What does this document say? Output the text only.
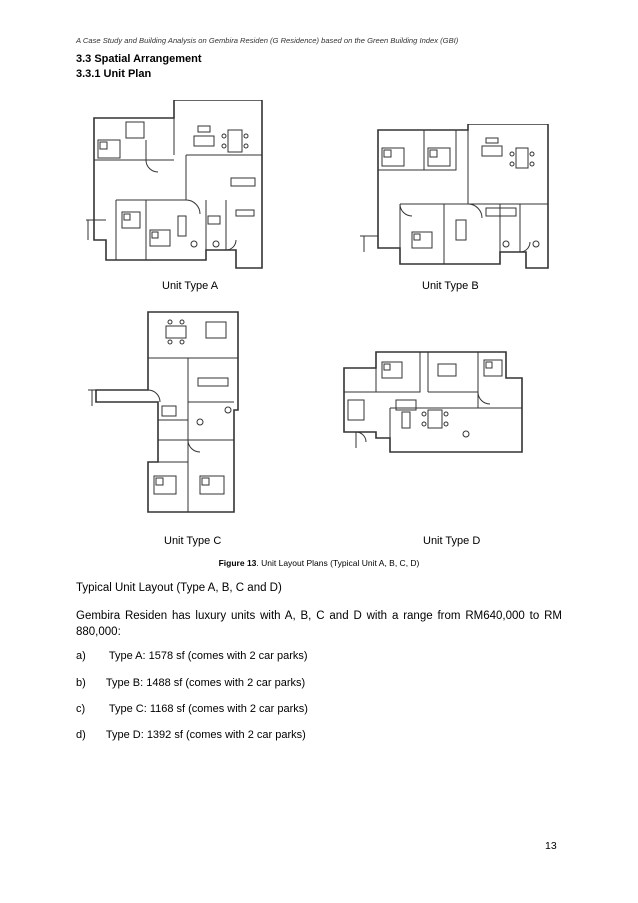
A Case Study and Building Analysis on Gembira Residen (G Residence) based on the Green Building Index (GBI)
3.3 Spatial Arrangement
3.3.1 Unit Plan
Unit Type A	Unit Type B
Unit Type C	Unit Type D
Figure 13. Unit Layout Plans (Typical Unit A, B, C, D)
Typical Unit Layout (Type A, B, C and D)
Gembira Residen has luxury units with A, B, C and D with a range from RM640,000 to RM 880,000:
a) Type A: 1578 sf (comes with 2 car parks)
b) Type B: 1488 sf (comes with 2 car parks)
c) Type C: 1168 sf (comes with 2 car parks)
d) Type D: 1392 sf (comes with 2 car parks)
13
